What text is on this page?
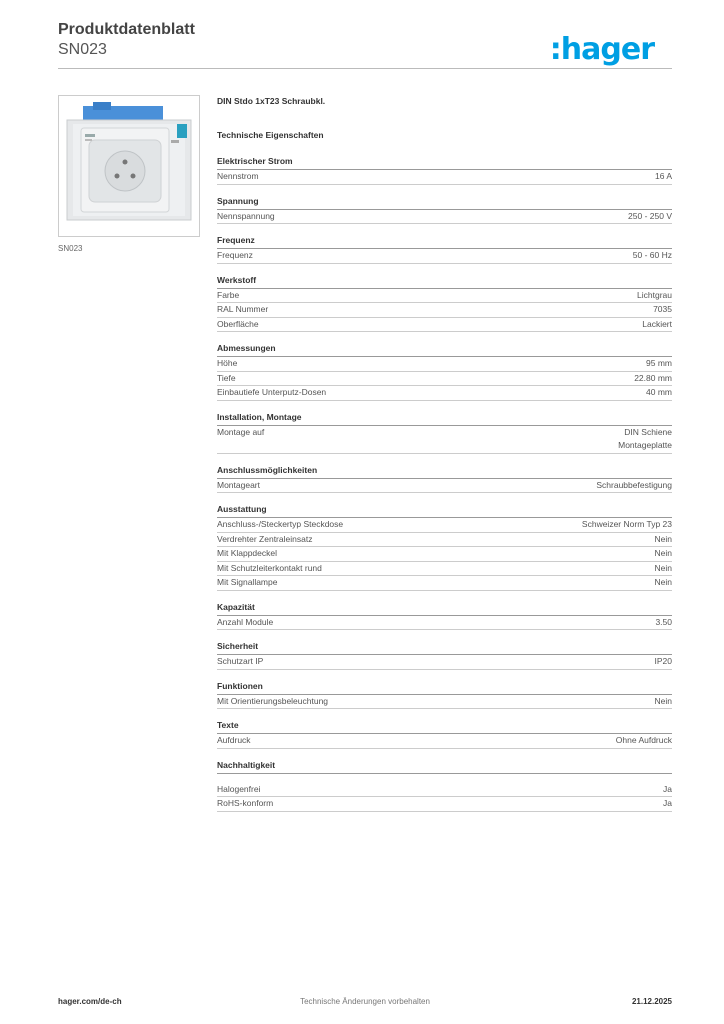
Produktdatenblatt
SN023	:hager
SN023
DIN Stdo 1xT23 Schraubkl.
Technische Eigenschaften
Elektrischer Strom
Nennstrom	16 A
Spannung
Nennspannung	250 - 250 V
Frequenz
Frequenz	50 - 60 Hz
Werkstoff
Farbe	Lichtgrau
RAL Nummer	7035
Oberfläche	Lackiert
Abmessungen
Höhe	95 mm
Tiefe	22.80 mm
Einbautiefe Unterputz-Dosen	40 mm
Installation, Montage
Montage auf	DIN Schiene
Montageplatte
Anschlussmöglichkeiten
Montageart	Schraubbefestigung
Ausstattung
Anschluss-/Steckertyp Steckdose	Schweizer Norm Typ 23
Verdrehter Zentraleinsatz	Nein
Mit Klappdeckel	Nein
Mit Schutzleiterkontakt rund	Nein
Mit Signallampe	Nein
Kapazität
Anzahl Module	3.50
Sicherheit
Schutzart IP	IP20
Funktionen
Mit Orientierungsbeleuchtung	Nein
Texte
Aufdruck	Ohne Aufdruck
Nachhaltigkeit
Halogenfrei	Ja
RoHS-konform	Ja
hager.com/de-ch	Technische Änderungen vorbehalten	21.12.2025
